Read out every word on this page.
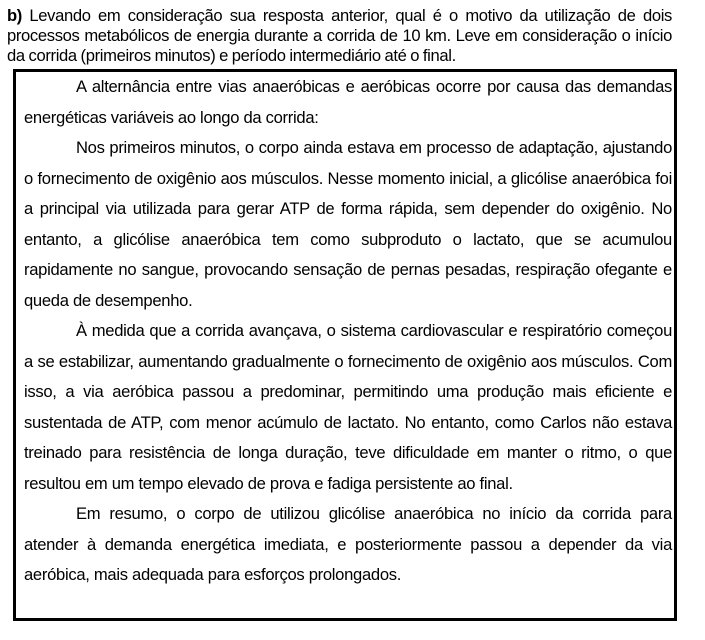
b) Levando em consideração sua resposta anterior, qual é o motivo da utilização de dois processos metabólicos de energia durante a corrida de 10 km. Leve em consideração o início da corrida (primeiros minutos) e período intermediário até o final.

A alternância entre vias anaeróbicas e aeróbicas ocorre por causa das demandas energéticas variáveis ao longo da corrida:

Nos primeiros minutos, o corpo ainda estava em processo de adaptação, ajustando o fornecimento de oxigênio aos músculos. Nesse momento inicial, a glicólise anaeróbica foi a principal via utilizada para gerar ATP de forma rápida, sem depender do oxigênio. No entanto, a glicólise anaeróbica tem como subproduto o lactato, que se acumulou rapidamente no sangue, provocando sensação de pernas pesadas, respiração ofegante e queda de desempenho.

À medida que a corrida avançava, o sistema cardiovascular e respiratório começou a se estabilizar, aumentando gradualmente o fornecimento de oxigênio aos músculos. Com isso, a via aeróbica passou a predominar, permitindo uma produção mais eficiente e sustentada de ATP, com menor acúmulo de lactato. No entanto, como Carlos não estava treinado para resistência de longa duração, teve dificuldade em manter o ritmo, o que resultou em um tempo elevado de prova e fadiga persistente ao final.

Em resumo, o corpo de utilizou glicólise anaeróbica no início da corrida para atender à demanda energética imediata, e posteriormente passou a depender da via aeróbica, mais adequada para esforços prolongados.
